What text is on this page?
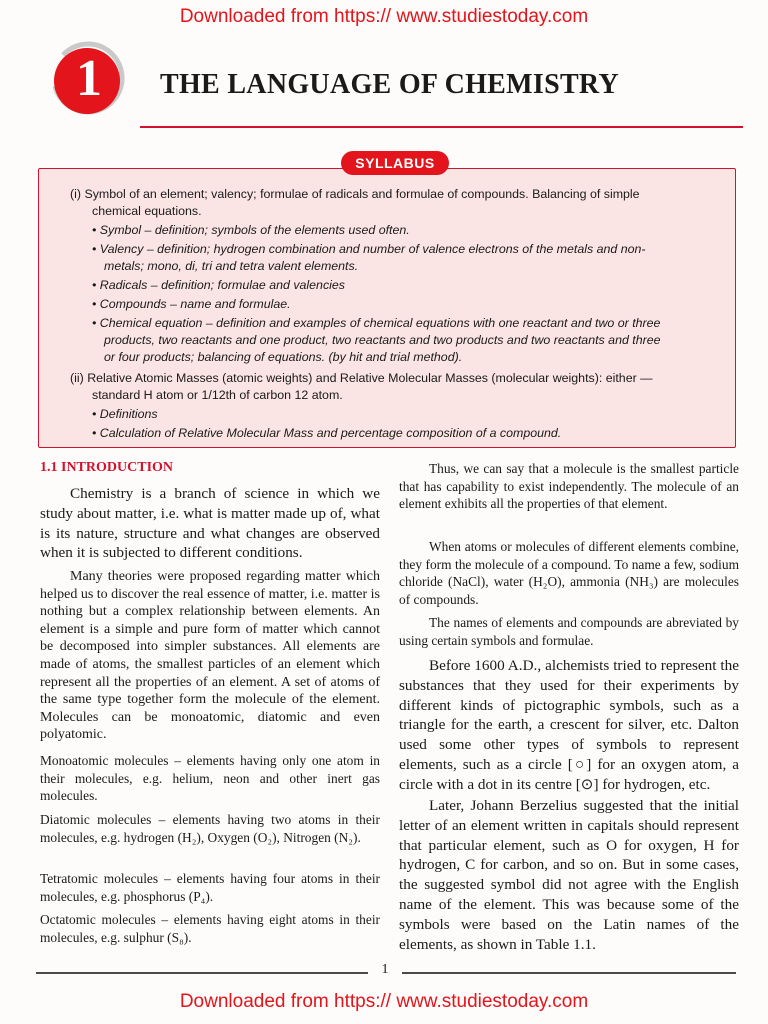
Downloaded from https:// www.studiestoday.com
1	THE LANGUAGE OF CHEMISTRY
SYLLABUS
(i) Symbol of an element; valency; formulae of radicals and formulae of compounds. Balancing of simple
chemical equations.
• Symbol – definition; symbols of the elements used often.
• Valency – definition; hydrogen combination and number of valence electrons of the metals and non-
metals; mono, di, tri and tetra valent elements.
• Radicals – definition; formulae and valencies
• Compounds – name and formulae.
• Chemical equation – definition and examples of chemical equations with one reactant and two or three
products, two reactants and one product, two reactants and two products and two reactants and three
or four products; balancing of equations. (by hit and trial method).
(ii) Relative Atomic Masses (atomic weights) and Relative Molecular Masses (molecular weights): either —
standard H atom or 1/12th of carbon 12 atom.
• Definitions
• Calculation of Relative Molecular Mass and percentage composition of a compound.
1.1 INTRODUCTION

Chemistry is a branch of science in which we study about matter, i.e. what is matter made up of, what is its nature, structure and what changes are observed when it is subjected to different conditions.

Many theories were proposed regarding matter which helped us to discover the real essence of matter, i.e. matter is nothing but a complex relationship between elements. An element is a simple and pure form of matter which cannot be decomposed into simpler substances. All elements are made of atoms, the smallest particles of an element which represent all the properties of an element. A set of atoms of the same type together form the molecule of the element. Molecules can be monoatomic, diatomic and even polyatomic.

Monoatomic molecules – elements having only one atom in their molecules, e.g. helium, neon and other inert gas molecules.

Diatomic molecules – elements having two atoms in their molecules, e.g. hydrogen (H₂), Oxygen (O₂), Nitrogen (N₂).

Tetratomic molecules – elements having four atoms in their molecules, e.g. phosphorus (P₄).

Octatomic molecules – elements having eight atoms in their molecules, e.g. sulphur (S₈).

Thus, we can say that a molecule is the smallest particle that has capability to exist independently. The molecule of an element exhibits all the properties of that element.

When atoms or molecules of different elements combine, they form the molecule of a compound. To name a few, sodium chloride (NaCl), water (H₂O), ammonia (NH₃) are molecules of compounds.

The names of elements and compounds are abreviated by using certain symbols and formulae.

Before 1600 A.D., alchemists tried to represent the substances that they used for their experiments by different kinds of pictographic symbols, such as a triangle for the earth, a crescent for silver, etc. Dalton used some other types of symbols to represent elements, such as a circle [○] for an oxygen atom, a circle with a dot in its centre [⊙] for hydrogen, etc.

Later, Johann Berzelius suggested that the initial letter of an element written in capitals should represent that particular element, such as O for oxygen, H for hydrogen, C for carbon, and so on. But in some cases, the suggested symbol did not agree with the English name of the element. This was because some of the symbols were based on the Latin names of the elements, as shown in Table 1.1.

1
Downloaded from https:// www.studiestoday.com
